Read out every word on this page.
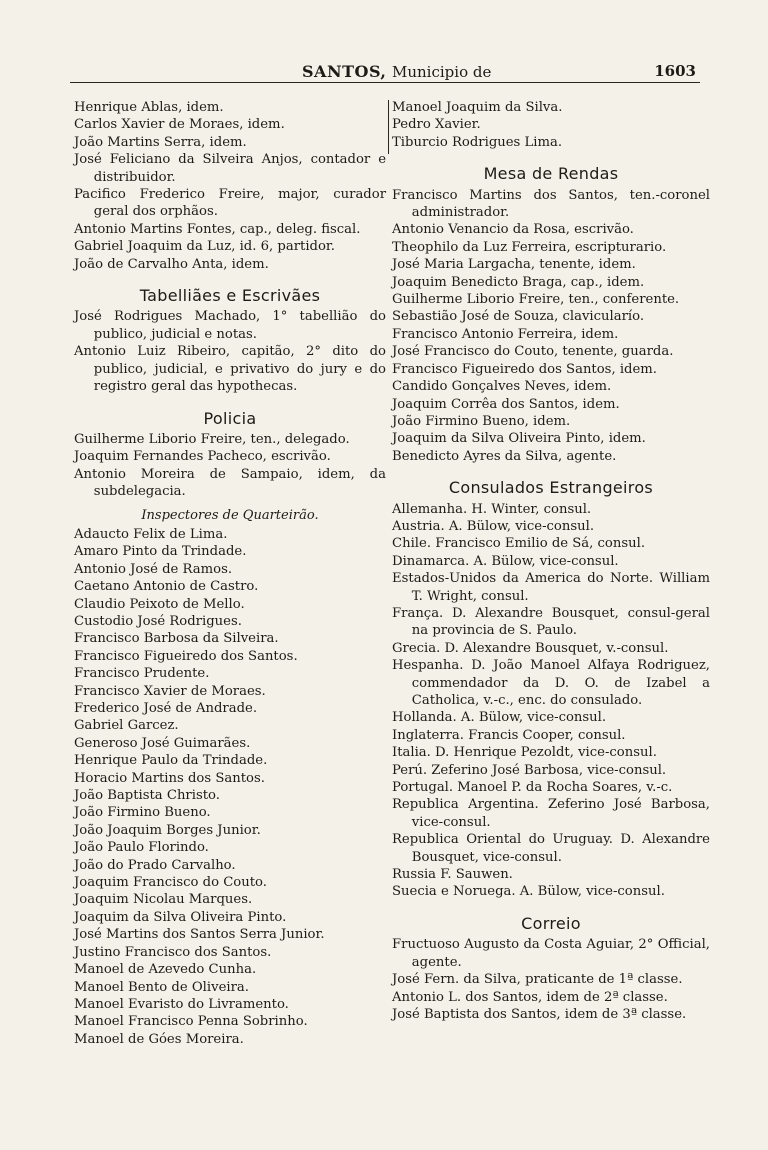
SANTOS, Municipio de	1603
Henrique Ablas, idem.
Carlos Xavier de Moraes, idem.
João Martins Serra, idem.
José Feliciano da Silveira Anjos, contador e distribuidor.
Pacifico Frederico Freire, major, curador geral dos orphãos.
Antonio Martins Fontes, cap., deleg. fiscal.
Gabriel Joaquim da Luz, id. 6, partidor.
João de Carvalho Anta, idem.
Tabelliães e Escrivães
José Rodrigues Machado, 1° tabellião do publico, judicial e notas.
Antonio Luiz Ribeiro, capitão, 2° dito do publico, judicial, e privativo do jury e do registro geral das hypothecas.
Policia
Guilherme Liborio Freire, ten., delegado.
Joaquim Fernandes Pacheco, escrivão.
Antonio Moreira de Sampaio, idem, da subdelegacia.
Inspectores de Quarteirão.
Adaucto Felix de Lima.
Amaro Pinto da Trindade.
Antonio José de Ramos.
Caetano Antonio de Castro.
Claudio Peixoto de Mello.
Custodio José Rodrigues.
Francisco Barbosa da Silveira.
Francisco Figueiredo dos Santos.
Francisco Prudente.
Francisco Xavier de Moraes.
Frederico José de Andrade.
Gabriel Garcez.
Generoso José Guimarães.
Henrique Paulo da Trindade.
Horacio Martins dos Santos.
João Baptista Christo.
João Firmino Bueno.
João Joaquim Borges Junior.
João Paulo Florindo.
João do Prado Carvalho.
Joaquim Francisco do Couto.
Joaquim Nicolau Marques.
Joaquim da Silva Oliveira Pinto.
José Martins dos Santos Serra Junior.
Justino Francisco dos Santos.
Manoel de Azevedo Cunha.
Manoel Bento de Oliveira.
Manoel Evaristo do Livramento.
Manoel Francisco Penna Sobrinho.
Manoel de Góes Moreira.
Manoel Joaquim da Silva.
Pedro Xavier.
Tiburcio Rodrigues Lima.
Mesa de Rendas
Francisco Martins dos Santos, ten.-coronel administrador.
Antonio Venancio da Rosa, escrivão.
Theophilo da Luz Ferreira, escripturario.
José Maria Largacha, tenente, idem.
Joaquim Benedicto Braga, cap., idem.
Guilherme Liborio Freire, ten., conferente.
Sebastião José de Souza, clavicularío.
Francisco Antonio Ferreira, idem.
José Francisco do Couto, tenente, guarda.
Francisco Figueiredo dos Santos, idem.
Candido Gonçalves Neves, idem.
Joaquim Corrêa dos Santos, idem.
João Firmino Bueno, idem.
Joaquim da Silva Oliveira Pinto, idem.
Benedicto Ayres da Silva, agente.
Consulados Estrangeiros
Allemanha. H. Winter, consul.
Austria. A. Bülow, vice-consul.
Chile. Francisco Emilio de Sá, consul.
Dinamarca. A. Bülow, vice-consul.
Estados-Unidos da America do Norte. William T. Wright, consul.
França. D. Alexandre Bousquet, consul-geral na provincia de S. Paulo.
Grecia. D. Alexandre Bousquet, v.-consul.
Hespanha. D. João Manoel Alfaya Rodriguez, commendador da D. O. de Izabel a Catholica, v.-c., enc. do consulado.
Hollanda. A. Bülow, vice-consul.
Inglaterra. Francis Cooper, consul.
Italia. D. Henrique Pezoldt, vice-consul.
Perú. Zeferino José Barbosa, vice-consul.
Portugal. Manoel P. da Rocha Soares, v.-c.
Republica Argentina. Zeferino José Barbosa, vice-consul.
Republica Oriental do Uruguay. D. Alexandre Bousquet, vice-consul.
Russia F. Sauwen.
Suecia e Noruega. A. Bülow, vice-consul.
Correio
Fructuoso Augusto da Costa Aguiar, 2° Official, agente.
José Fern. da Silva, praticante de 1ª classe.
Antonio L. dos Santos, idem de 2ª classe.
José Baptista dos Santos, idem de 3ª classe.
